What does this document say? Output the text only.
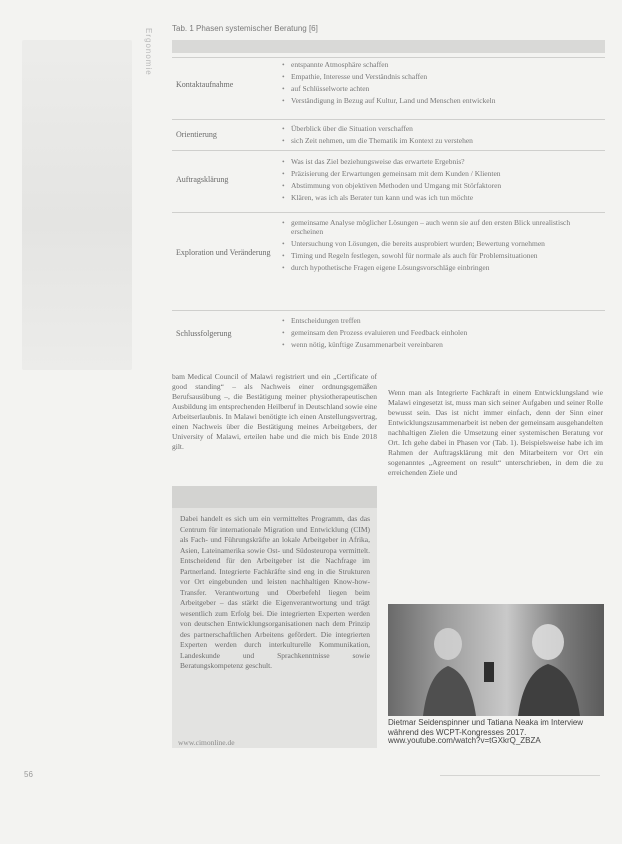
Ergonomie Tab. 1 Phasen systemischer Beratung [6]
Kontaktaufnahme
• entspannte Atmosphäre schaffen
• Empathie, Interesse und Verständnis schaffen
• auf Schlüsselworte achten
• Verständigung in Bezug auf Kultur, Land und Menschen entwickeln
Orientierung
• Überblick über die Situation verschaffen
• sich Zeit nehmen, um die Thematik im Kontext zu verstehen
Auftragsklärung
• Was ist das Ziel beziehungsweise das erwartete Ergebnis?
• Präzisierung der Erwartungen gemeinsam mit dem Kunden / Klienten
• Abstimmung von objektiven Methoden und Umgang mit Störfaktoren
• Klären, was ich als Berater tun kann und was ich tun möchte
Exploration und Veränderung
• gemeinsame Analyse möglicher Lösungen – auch wenn sie auf den ersten Blick unrealistisch erscheinen
• Untersuchung von Lösungen, die bereits ausprobiert wurden; Bewertung vornehmen
• Timing und Regeln festlegen, sowohl für normale als auch für Problemsituationen
• durch hypothetische Fragen eigene Lösungsvorschläge einbringen
Schlussfolgerung
• Entscheidungen treffen
• gemeinsam den Prozess evaluieren und Feedback einholen
• wenn nötig, künftige Zusammenarbeit vereinbaren
bam Medical Council of Malawi registriert und ein „Certificate of good standing“ – als Nachweis einer ordnungsgemäßen Berufsausübung –, die Bestätigung meiner physiotherapeutischen Ausbildung im entsprechenden Heilberuf in Deutschland sowie eine Arbeitserlaubnis. In Malawi benötigte ich einen Anstellungsvertrag, einen Nachweis über die Bestätigung meines Arbeitgebers, der University of Malawi, erteilen habe und die mich bis Ende 2018 gilt.
Wenn man als Integrierte Fachkraft in einem Entwicklungsland wie Malawi eingesetzt ist, muss man sich seiner Aufgaben und seiner Rolle bewusst sein. Das ist nicht immer einfach, denn der Sinn einer Entwicklungszusammenarbeit ist neben der gemeinsam ausgehandelten nachhaltigen Zielen die Umsetzung einer systemischen Beratung vor Ort. Ich gehe dabei in Phasen vor (Tab. 1). Beispielsweise habe ich im Rahmen der Auftragsklärung mit den Mitarbeitern vor Ort ein sogenanntes „Agreement on result“ unterschrieben, in dem die zu erreichenden Ziele und
Dabei handelt es sich um ein vermitteltes Programm, das das Centrum für internationale Migration und Entwicklung (CIM) als Fach- und Führungskräfte an lokale Arbeitgeber in Afrika, Asien, Lateinamerika sowie Ost- und Südosteuropa vermittelt. Entscheidend für den Arbeitgeber ist die Nachfrage im Partnerland. Integrierte Fachkräfte sind eng in die Strukturen vor Ort eingebunden und leisten nachhaltigen Know-how-Transfer. Verantwortung und Oberbefehl liegen beim Arbeitgeber – das stärkt die Eigenverantwortung und trägt wesentlich zum Erfolg bei. Die integrierten Experten werden von deutschen Entwicklungsorganisationen nach dem Prinzip des partnerschaftlichen Arbeitens gefördert. Die integrierten Experten werden durch interkulturelle Kommunikation, Landeskunde und Sprachkenntnisse sowie Beratungskompetenz geschult.
www.cimonline.de
Dietmar Seidenspinner und Tatiana Neaka im Interview während des WCPT-Kongresses 2017.
www.youtube.com/watch?v=tGXkrQ_ZBZA
56
